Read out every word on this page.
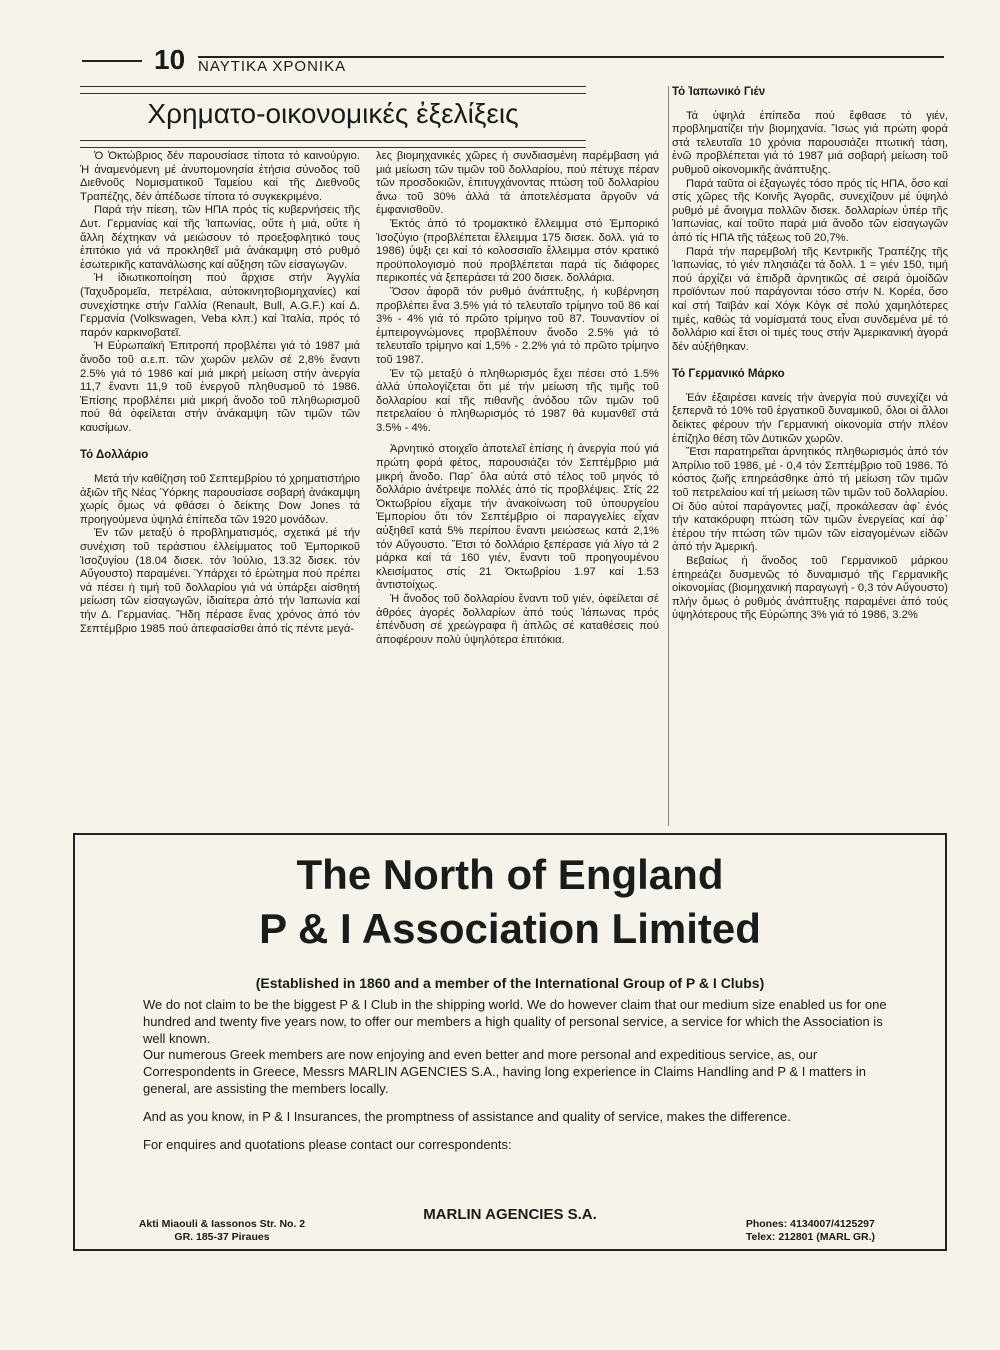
10 ΝΑΥΤΙΚΑ ΧΡΟΝΙΚΑ
Χρηματο-οικονομικές ἐξελίξεις

Ὁ Ὀκτώβριος δέν παρουσίασε τίποτα τό καινούργιο. Ἡ ἀναμενόμενη μέ ἀνυπομονησία ἐτήσια σύνοδος τοῦ Διεθνοῦς Νομισματικοῦ Ταμείου καί τῆς Διεθνοῦς Τραπέζης, δέν ἀπέδωσε τίποτα τό συγκεκριμένο.

Παρά τήν πίεση, τῶν ΗΠΑ πρός τίς κυβερνήσεις τῆς Δυτ. Γερμανίας καί τῆς Ἰαπωνίας, οὔτε ἡ μιά, οὔτε ἡ ἄλλη δέχτηκαν νά μειώσουν τό προεξοφλητικό τους ἐπιτόκιο γιά νά προκληθεῖ μιά ἀνάκαμψη στό ρυθμό ἐσωτερικῆς κατανάλωσης καί αὔξηση τῶν εἰσαγωγῶν.

Ἡ ἰδιωτικοποίηση πού ἄρχισε στήν Ἀγγλία (Ταχυδρομεῖα, πετρέλαια, αὐτοκινητοβιομηχανίες) καί συνεχίστηκε στήν Γαλλία (Renault, Bull, A.G.F.) καί Δ. Γερμανία (Volkswagen, Veba κλπ.) καί Ἰταλία, πρός τό παρόν καρκινοβατεῖ.

Ἡ Εὐρωπαϊκή Ἐπιτροπή προβλέπει γιά τό 1987 μιά ἄνοδο τοῦ α.ε.π. τῶν χωρῶν μελῶν σέ 2,8% ἔναντι 2.5% γιά τό 1986 καί μιά μικρή μείωση στήν ἀνεργία 11,7 ἔναντι 11,9 τοῦ ἐνεργοῦ πληθυσμοῦ τό 1986. Ἐπίσης προβλέπει μιά μικρή ἄνοδο τοῦ πληθωρισμοῦ πού θά ὀφείλεται στήν ἀνάκαμψη τῶν τιμῶν τῶν καυσίμων.

Τό Δολλάριο

Μετά τήν καθίζηση τοῦ Σεπτεμβρίου τό χρηματιστήριο ἀξιῶν τῆς Νέας Ὑόρκης παρουσίασε σοβαρή ἀνάκαμψη χωρίς ὅμως νά φθάσει ὁ δείκτης Dow Jones τά προηγούμενα ὑψηλά ἐπίπεδα τῶν 1920 μονάδων.

Ἐν τῶν μεταξύ ὁ προβληματισμός, σχετικά μέ τήν συνέχιση τοῦ τεράστιου ἐλλείμματος τοῦ Ἐμπορικοῦ Ἰσοζυγίου (18.04 δισεκ. τόν Ἰούλιο, 13.32 δισεκ. τόν Αὔγουστο) παραμένει. Ὑπάρχει τό ἐρώτημα πού πρέπει νά πέσει ἡ τιμή τοῦ δολλαρίου γιά νά ὑπάρξει αἰσθητή μείωση τῶν εἰσαγωγῶν, ἰδιαίτερα ἀπό τήν Ἰαπωνία καί τήν Δ. Γερμανίας. Ἤδη πέρασε ἕνας χρόνος ἀπό τόν Σεπτέμβριο 1985 πού ἀπεφασίσθει ἀπό τίς πέντε μεγά-

λες βιομηχανικές χῶρες ἡ συνδιασμένη παρέμβαση γιά μιά μείωση τῶν τιμῶν τοῦ δολλαρίου, πού πέτυχε πέραν τῶν προσδοκιῶν, ἐπιτυγχάνοντας πτώση τοῦ δολλαρίου ἄνω τοῦ 30% ἀλλά τά ἀποτελέσματα ἄργοῦν νά ἐμφανισθοῦν.

Ἐκτός ἀπό τό τρομακτικό ἔλλειμμα στό Ἐμπορικό Ἰσοζύγιο (προβλέπεται ἔλλειμμα 175 δισεκ. δολλ. γιά το 1986) ὑψξι ςει καί τό κολοσσιαῖο ἔλλειμμα στόν κρατικό προϋπολογισμό πού προβλέπεται παρά τίς διάφορες περικοπές νά ξεπεράσει τά 200 δισεκ. δολλάρια.

Ὅσον ἀφορᾶ τόν ρυθμό ἀνάπτυξης, ἡ κυβέρνηση προβλέπει ἕνα 3.5% γιά τό τελευταῖο τρίμηνο τοῦ 86 καί 3% - 4% γιά τό πρῶτο τρίμηνο τοῦ 87. Τουναντίον οἱ ἐμπειρογνώμονες προβλέπουν ἄνοδο 2.5% γιά τό τελευταῖο τρίμηνο καί 1,5% - 2.2% γιά τό πρῶτο τρίμηνο τοῦ 1987.

Ἐν τῷ μεταξύ ὁ πληθωρισμός ἔχει πέσει στό 1.5% ἀλλά ὑπολογίζεται ὅτι μέ τήν μείωση τῆς τιμῆς τοῦ δολλαρίου καί τῆς πιθανῆς ἀνόδου τῶν τιμῶν τοῦ πετρελαίου ὁ πληθωρισμός τό 1987 θά κυμανθεῖ στά 3.5% - 4%.

Ἀρνητικό στοιχεῖο ἀποτελεῖ ἐπίσης ἡ ἀνεργία πού γιά πρώτη φορά φέτος, παρουσιάζει τόν Σεπτέμβριο μιά μικρή ἄνοδο. Παρ᾿ ὅλα αὐτά στό τέλος τοῦ μηνός τό δολλάριο ἀνέτρεψε πολλές ἀπό τίς προβλέψεις. Στίς 22 Ὀκτωβρίου εἴχαμε τήν ἀνακοίνωση τοῦ ὑπουργείου Ἐμπορίου ὅτι τόν Σεπτέμβριο οἱ παραγγελίες εἶχαν αὐξηθεῖ κατά 5% περίπου ἔναντι μειώσεως κατά 2,1% τόν Αὔγουστο. Ἔτσι τό δολλάριο ξεπέρασε γιά λίγο τά 2 μάρκα καί τά 160 γιέν, ἔναντι τοῦ προηγουμένου κλεισίματος στίς 21 Ὀκτωβρίου 1.97 καί 1.53 ἀντιστοίχως.

Ἡ ἄνοδος τοῦ δολλαρίου ἔναντι τοῦ γιέν, ὀφείλεται σέ ἀθρόες ἀγορές δολλαρίων ἀπό τούς Ἰάπωνας πρός ἐπένδυση σέ χρεώγραφα ἢ ἁπλῶς σέ καταθέσεις πού ἀποφέρουν πολύ ὑψηλότερα ἐπιτόκια.

Τό Ἰαπωνικό Γιέν

Τά ὑψηλά ἐπίπεδα πού ἔφθασε τό γιέν, προβληματίζει τήν βιομηχανία. Ἴσως γιά πρώτη φορά στά τελευταῖα 10 χρόνια παρουσιάζει πτωτική τάση, ἐνῶ προβλέπεται γιά τό 1987 μιά σοβαρή μείωση τοῦ ρυθμοῦ οἰκονομικῆς ἀνάπτυξης.

Παρά ταῦτα οἱ ἐξαγωγές τόσο πρός τίς ΗΠΑ, ὅσο καί στίς χῶρες τῆς Κοινῆς Ἀγορᾶς, συνεχίζουν μέ ὑψηλό ρυθμό μέ ἄνοιγμα πολλῶν δισεκ. δολλαρίων ὑπέρ τῆς Ἰαπωνίας, καί τοῦτο παρά μιά ἄνοδο τῶν εἰσαγωγῶν ἀπό τίς ΗΠΑ τῆς τάξεως τοῦ 20,7%.

Παρά τήν παρεμβολή τῆς Κεντρικῆς Τραπέζης τῆς Ἰαπωνίας, τό γιέν πλησιάζει τά δολλ. 1 = γιέν 150, τιμή πού ἀρχίζει νά ἐπιδρᾶ ἀρνητικῶς σέ σειρά ὁμοίδῶν προϊόντων πού παράγονται τόσο στήν Ν. Κορέα, ὅσο καί στή Ταϊβάν καί Χόγκ Κόγκ σέ πολύ χαμηλότερες τιμές, καθώς τά νομίσματά τους εἶναι συνδεμένα μέ τό δολλάριο καί ἔτσι οἱ τιμές τους στήν Ἀμερικανική ἀγορά δέν αὐξήθηκαν.

Τό Γερμανικό Μάρκο

Ἐάν ἐξαιρέσει κανείς τήν ἀνεργία πού συνεχίζει νά ξεπερνᾶ τό 10% τοῦ ἐργατικοῦ δυναμικοῦ, ὅλοι οἱ ἄλλοι δείκτες φέρουν τήν Γερμανική οἰκονομία στήν πλέον ἐπίζηλο θέση τῶν Δυτικῶν χωρῶν.

Ἔτσι παρατηρεῖται ἀρνητικός πληθωρισμός ἀπό τόν Ἀπρίλιο τοῦ 1986, μέ - 0,4 τόν Σεπτέμβριο τοῦ 1986. Τό κόστος ζωῆς επηρεάσθηκε ἀπό τή μείωση τῶν τιμῶν τοῦ πετρελαίου καί τή μείωση τῶν τιμῶν τοῦ δολλαρίου. Οἱ δύο αὐτοί παράγοντες μαζί, προκάλεσαν ἀφ᾿ ἑνός τήν κατακόρυφη πτώση τῶν τιμῶν ἐνεργείας καί ἀφ᾿ ἑτέρου τήν πτώση τῶν τιμῶν τῶν εἰσαγομένων εἰδῶν ἀπό τήν Ἀμερική.

Βεβαίως ἡ ἄνοδος τοῦ Γερμανικοῦ μάρκου ἐπηρεάζει δυσμενῶς τό δυναμισμό τῆς Γερμανικῆς οἰκονομίας (βιομηχανική παραγωγή - 0,3 τόν Αὔγουστο) πλήν ὅμως ὁ ρυθμός ἀνάπτυξης παραμένει ἀπό τούς ὑψηλότερους τῆς Εὐρώπης 3% γιά τό 1986, 3.2%

The North of England
P & I Association Limited
(Established in 1860 and a member of the International Group of P & I Clubs)

We do not claim to be the biggest P & I Club in the shipping world. We do however claim that our medium size enabled us for one hundred and twenty five years now, to offer our members a high quality of personal service, a service for which the Association is well known.
Our numerous Greek members are now enjoying and even better and more personal and expeditious service, as, our Correspondents in Greece, Messrs MARLIN AGENCIES S.A., having long experience in Claims Handling and P & I matters in general, are assisting the members locally.

And as you know, in P & I Insurances, the promptness of assistance and quality of service, makes the difference.

For enquires and quotations please contact our correspondents:

MARLIN AGENCIES S.A.
Akti Miaouli & Iassonos Str. No. 2
GR. 185-37 Piraues
Phones: 4134007/4125297
Telex: 212801 (MARL GR.)
